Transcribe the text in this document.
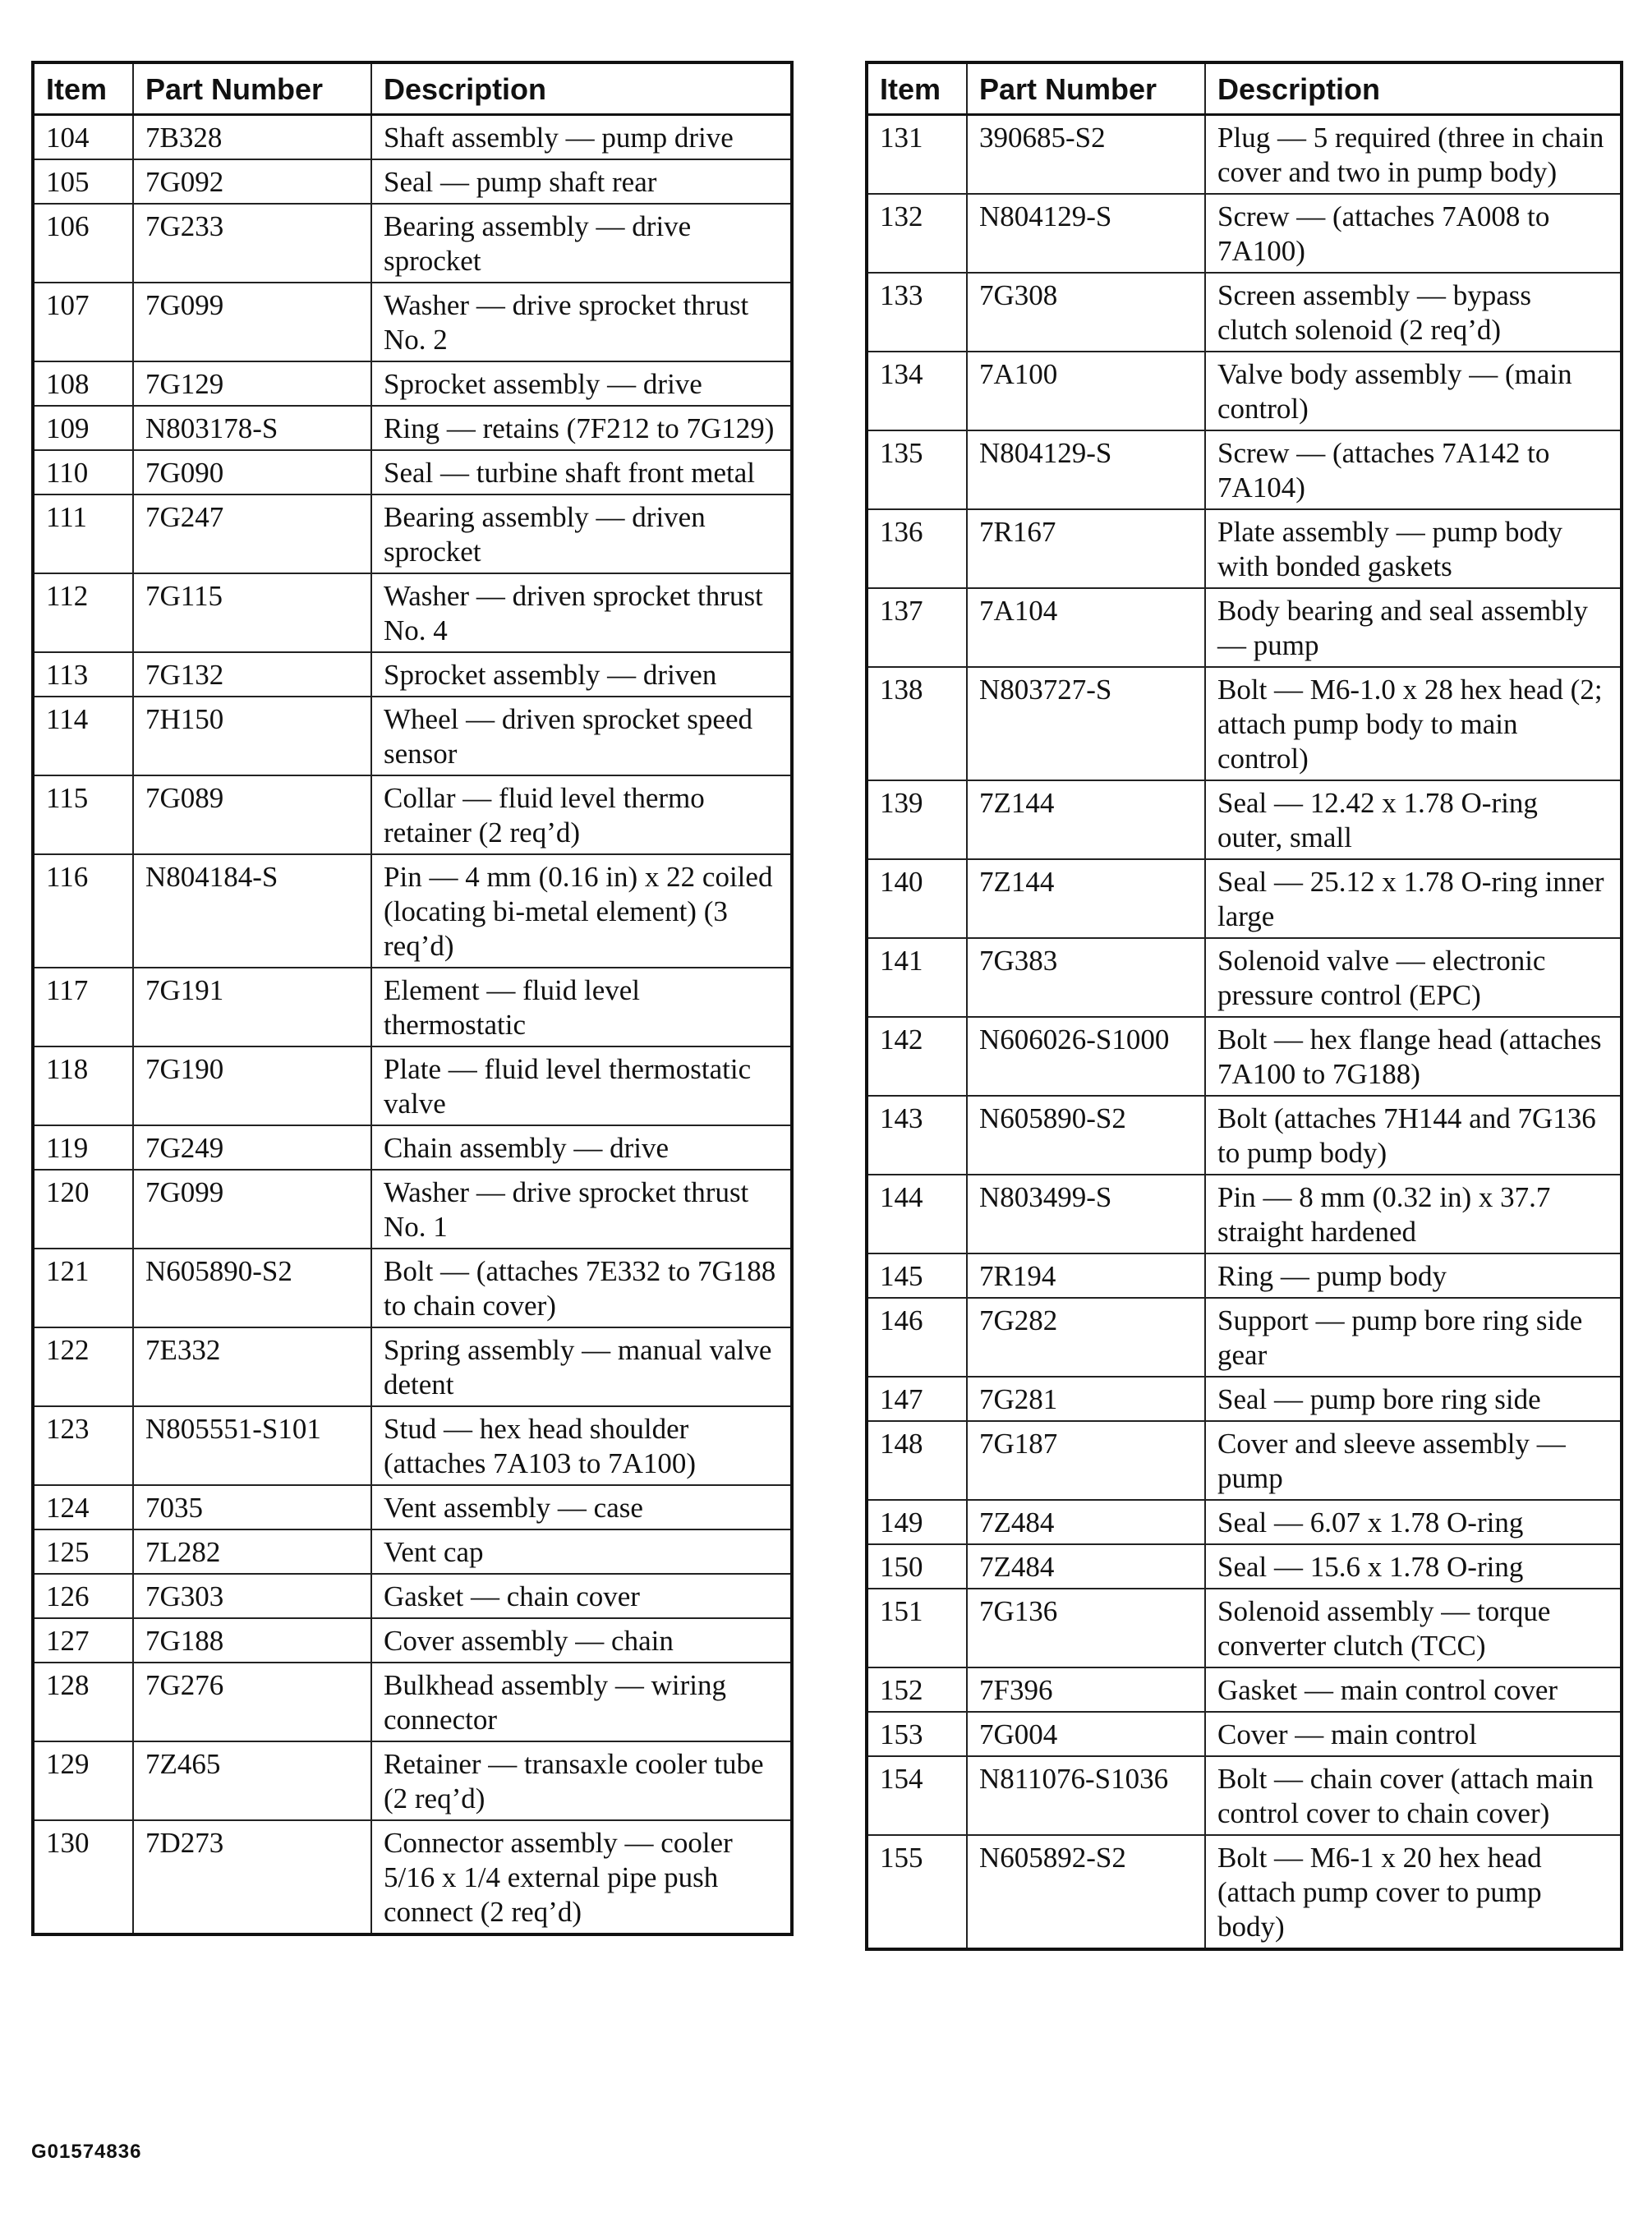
Item	Part Number	Description
104	7B328	Shaft assembly — pump drive
105	7G092	Seal — pump shaft rear
106	7G233	Bearing assembly — drive sprocket
107	7G099	Washer — drive sprocket thrust No. 2
108	7G129	Sprocket assembly — drive
109	N803178-S	Ring — retains (7F212 to 7G129)
110	7G090	Seal — turbine shaft front metal
111	7G247	Bearing assembly — driven sprocket
112	7G115	Washer — driven sprocket thrust No. 4
113	7G132	Sprocket assembly — driven
114	7H150	Wheel — driven sprocket speed sensor
115	7G089	Collar — fluid level thermo retainer (2 req’d)
116	N804184-S	Pin — 4 mm (0.16 in) x 22 coiled (locating bi-metal element) (3 req’d)
117	7G191	Element — fluid level thermostatic
118	7G190	Plate — fluid level thermostatic valve
119	7G249	Chain assembly — drive
120	7G099	Washer — drive sprocket thrust No. 1
121	N605890-S2	Bolt — (attaches 7E332 to 7G188 to chain cover)
122	7E332	Spring assembly — manual valve detent
123	N805551-S101	Stud — hex head shoulder (attaches 7A103 to 7A100)
124	7035	Vent assembly — case
125	7L282	Vent cap
126	7G303	Gasket — chain cover
127	7G188	Cover assembly — chain
128	7G276	Bulkhead assembly — wiring connector
129	7Z465	Retainer — transaxle cooler tube (2 req’d)
130	7D273	Connector assembly — cooler 5/16 x 1/4 external pipe push connect (2 req’d)
Item	Part Number	Description
131	390685-S2	Plug — 5 required (three in chain cover and two in pump body)
132	N804129-S	Screw — (attaches 7A008 to 7A100)
133	7G308	Screen assembly — bypass clutch solenoid (2 req’d)
134	7A100	Valve body assembly — (main control)
135	N804129-S	Screw — (attaches 7A142 to 7A104)
136	7R167	Plate assembly — pump body with bonded gaskets
137	7A104	Body bearing and seal assembly — pump
138	N803727-S	Bolt — M6-1.0 x 28 hex head (2; attach pump body to main control)
139	7Z144	Seal — 12.42 x 1.78 O-ring outer, small
140	7Z144	Seal — 25.12 x 1.78 O-ring inner large
141	7G383	Solenoid valve — electronic pressure control (EPC)
142	N606026-S1000	Bolt — hex flange head (attaches 7A100 to 7G188)
143	N605890-S2	Bolt (attaches 7H144 and 7G136 to pump body)
144	N803499-S	Pin — 8 mm (0.32 in) x 37.7 straight hardened
145	7R194	Ring — pump body
146	7G282	Support — pump bore ring side gear
147	7G281	Seal — pump bore ring side
148	7G187	Cover and sleeve assembly — pump
149	7Z484	Seal — 6.07 x 1.78 O-ring
150	7Z484	Seal — 15.6 x 1.78 O-ring
151	7G136	Solenoid assembly — torque converter clutch (TCC)
152	7F396	Gasket — main control cover
153	7G004	Cover — main control
154	N811076-S1036	Bolt — chain cover (attach main control cover to chain cover)
155	N605892-S2	Bolt — M6-1 x 20 hex head (attach pump cover to pump body)
G01574836
